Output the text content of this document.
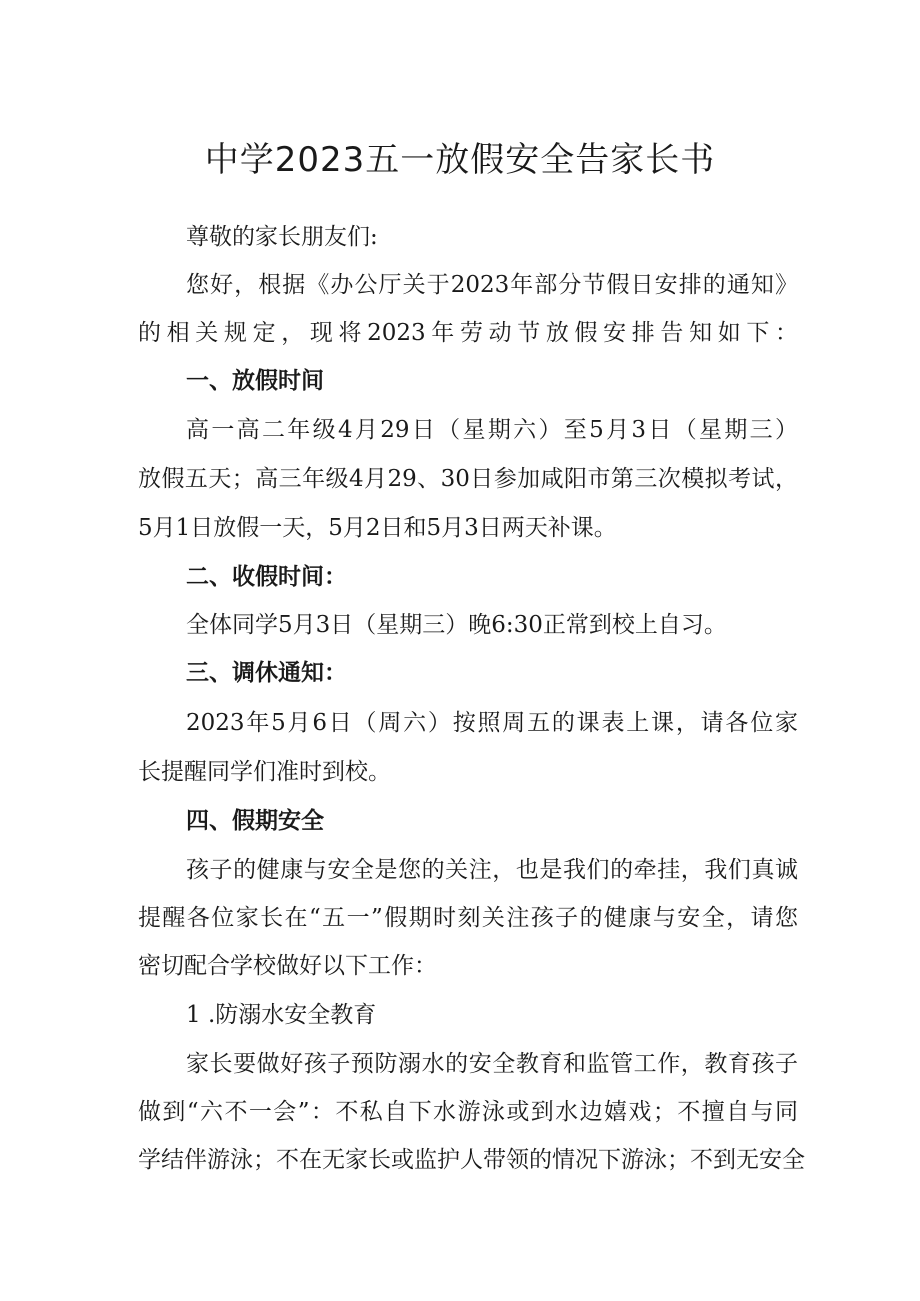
中学2023五一放假安全告家长书
尊敬的家长朋友们:
您好，根据《办公厅关于2023年部分节假日安排的通知》
的相关规定，现将2023年劳动节放假安排告知如下：
一、放假时间
高一高二年级4月29日（星期六）至5月3日（星期三）
放假五天；高三年级4月29、30日参加咸阳市第三次模拟考试，
5月1日放假一天，5月2日和5月3日两天补课。
二、收假时间：
全体同学5月3日（星期三）晚6:30正常到校上自习。
三、调休通知：
2023年5月6日（周六）按照周五的课表上课，请各位家
长提醒同学们准时到校。
四、假期安全
孩子的健康与安全是您的关注，也是我们的牵挂，我们真诚
提醒各位家长在“五一”假期时刻关注孩子的健康与安全，请您
密切配合学校做好以下工作：
1 .防溺水安全教育
家长要做好孩子预防溺水的安全教育和监管工作，教育孩子
做到“六不一会”：不私自下水游泳或到水边嬉戏；不擅自与同
学结伴游泳；不在无家长或监护人带领的情况下游泳；不到无安全
